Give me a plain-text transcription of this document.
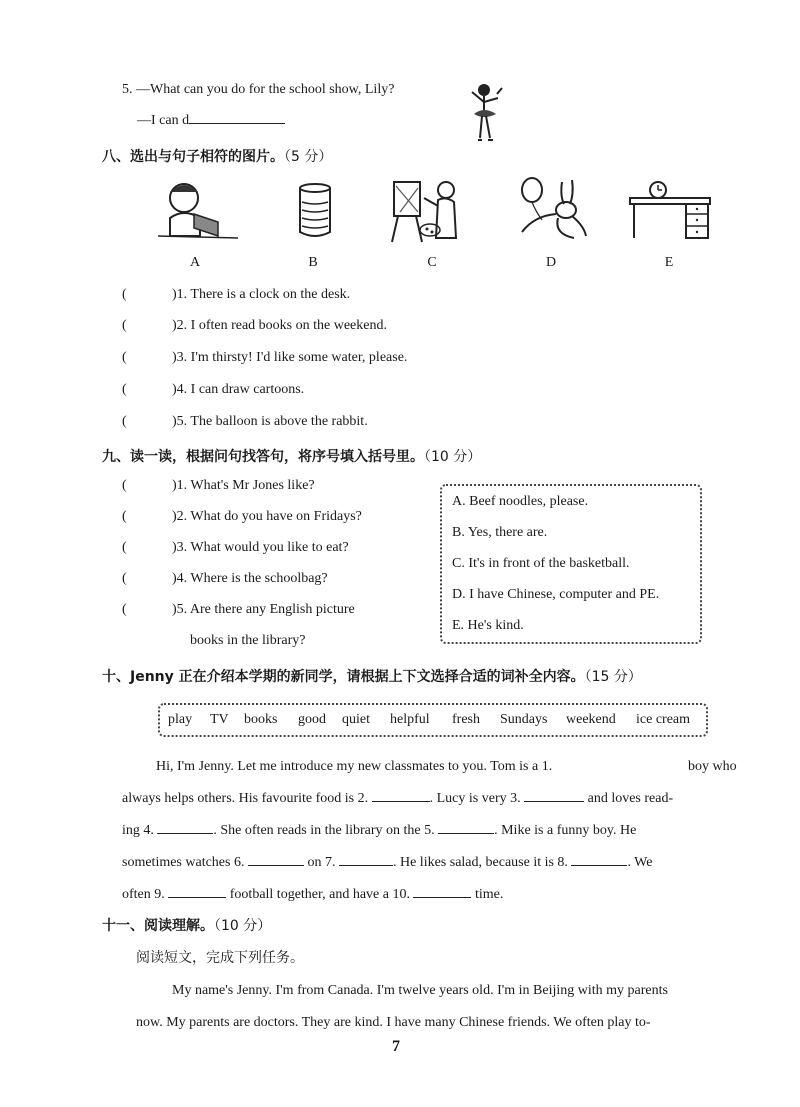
5. —What can you do for the school show, Lily?
—I can d
八、选出与句子相符的图片。（5 分）
A	B	C	D	E
(	)1. There is a clock on the desk.
(	)2. I often read books on the weekend.
(	)3. I'm thirsty! I'd like some water, please.
(	)4. I can draw cartoons.
(	)5. The balloon is above the rabbit.
九、读一读，根据问句找答句，将序号填入括号里。（10 分）
(	)1. What's Mr Jones like?
(	)2. What do you have on Fridays?
(	)3. What would you like to eat?
(	)4. Where is the schoolbag?
(	)5. Are there any English picture
books in the library?
A. Beef noodles, please.
B. Yes, there are.
C. It's in front of the basketball.
D. I have Chinese, computer and PE.
E. He's kind.
十、Jenny 正在介绍本学期的新同学，请根据上下文选择合适的词补全内容。（15 分）
play TV books good quiet helpful fresh Sundays weekend ice cream
Hi, I'm Jenny. Let me introduce my new classmates to you. Tom is a 1.	boy who
always helps others. His favourite food is 2.	. Lucy is very 3.	and loves read-
ing 4.	. She often reads in the library on the 5.	. Mike is a funny boy. He
sometimes watches 6.	on 7.	. He likes salad, because it is 8.	. We
often 9.	football together, and have a 10.	time.
十一、阅读理解。（10 分）
阅读短文，完成下列任务。
My name's Jenny. I'm from Canada. I'm twelve years old. I'm in Beijing with my parents
now. My parents are doctors. They are kind. I have many Chinese friends. We often play to-
7
